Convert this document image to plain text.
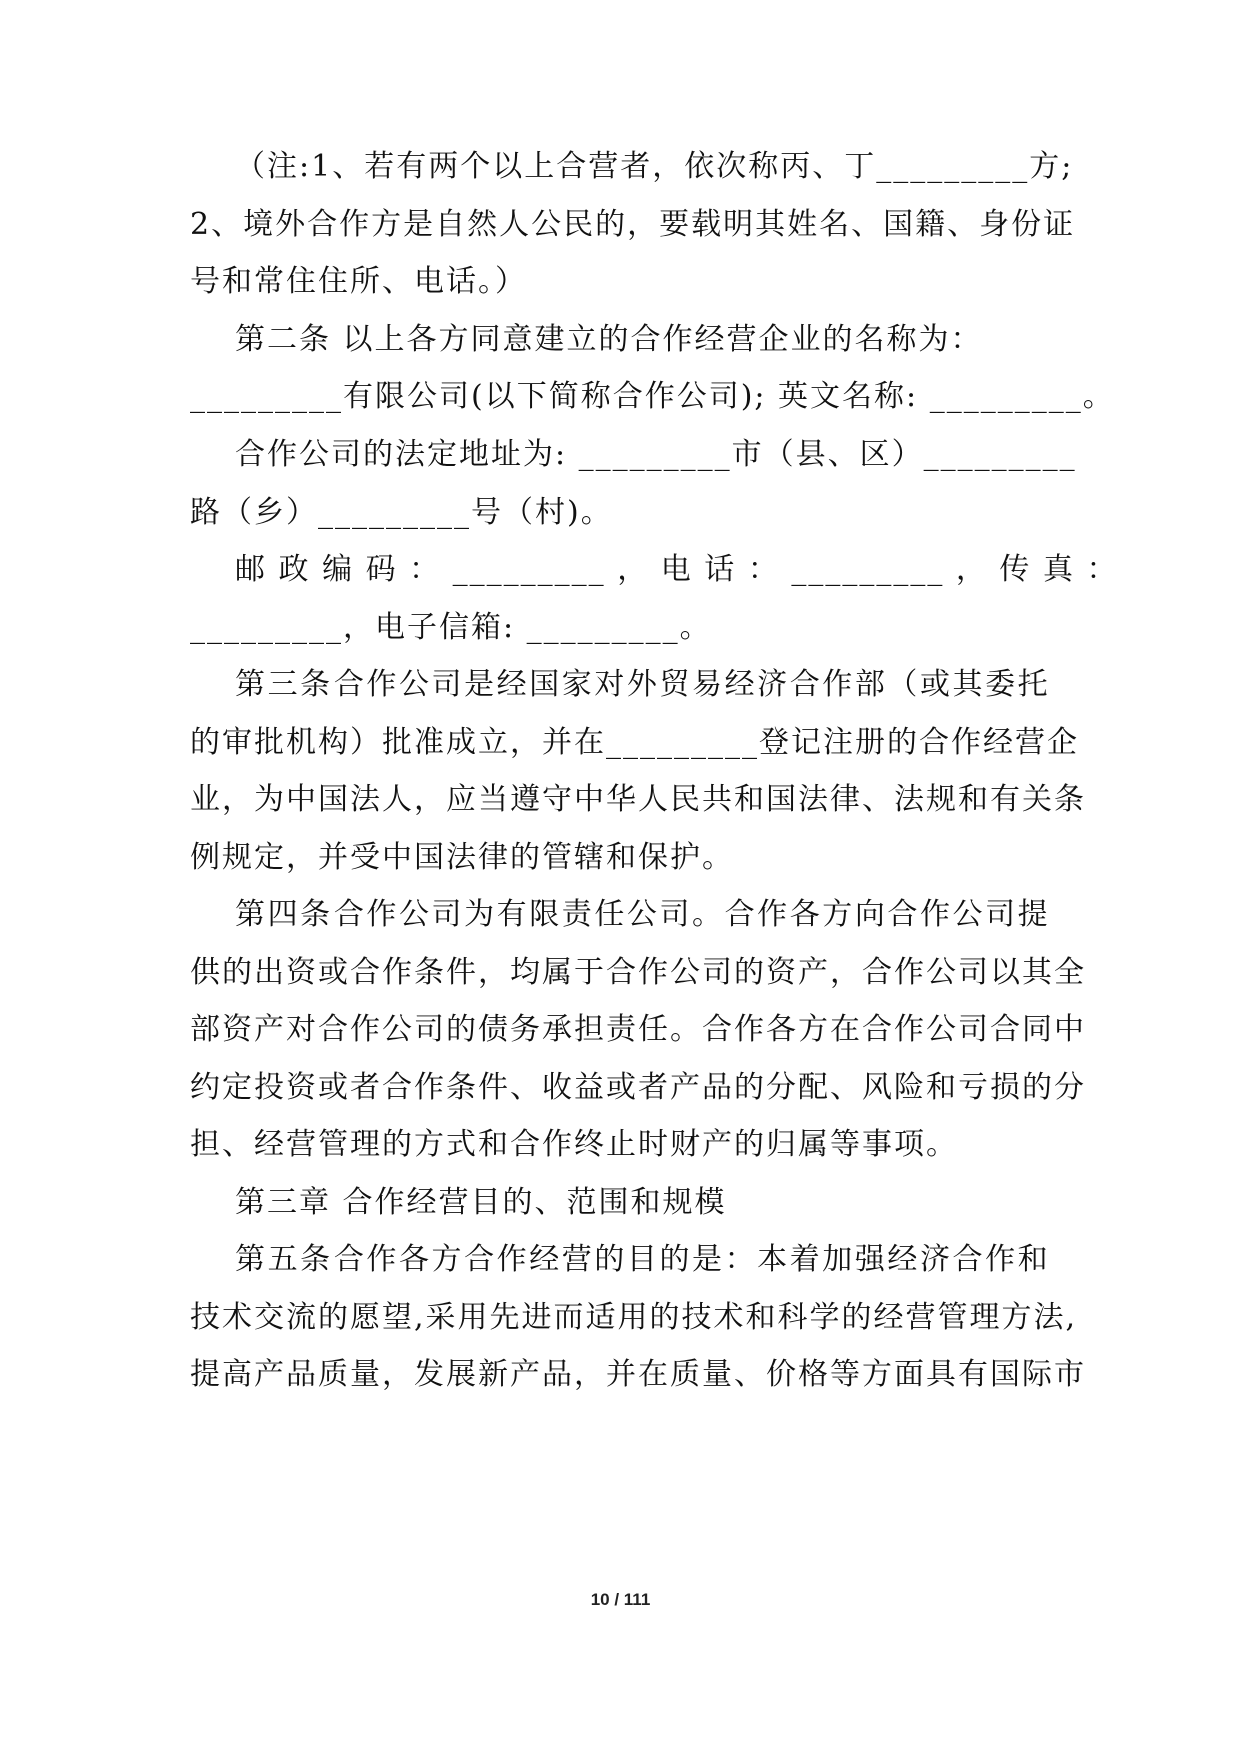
（ 注 : 1 、 若 有 两 个 以 上 合 营 者 ， 依 次 称 丙 、 丁 _ _ _ _ _ _ _ _ _ 方 ;
2 、 境 外 合 作 方 是 自 然 人 公 民 的 ， 要 载 明 其 姓 名 、 国 籍 、 身 份 证
号和常住住所、电话。）
第二条 以上各方同意建立的合作经营企业的名称为：
_________有限公司(以下简称合作公司); 英文名称: _________。
合作公司的法定地址为: _________市（县、区）_________
路（乡）_________号（村)。
邮 政 编 码 ： _________ ， 电 话 ： _________ ， 传 真 ：
_________，电子信箱: _________。
第 三 条 合 作 公 司 是 经 国 家 对 外 贸 易 经 济 合 作 部 （ 或 其 委 托
的 审 批 机 构 ） 批 准 成 立 ， 并 在 _ _ _ _ _ _ _ _ _ 登 记 注 册 的 合 作 经 营 企
业 ， 为 中 国 法 人 ， 应 当 遵 守 中 华 人 民 共 和 国 法 律 、 法 规 和 有 关 条
例规定，并受中国法律的管辖和保护。
第 四 条 合 作 公 司 为 有 限 责 任 公 司 。 合 作 各 方 向 合 作 公 司 提
供 的 出 资 或 合 作 条 件 ， 均 属 于 合 作 公 司 的 资 产 ， 合 作 公 司 以 其 全
部 资 产 对 合 作 公 司 的 债 务 承 担 责 任 。 合 作 各 方 在 合 作 公 司 合 同 中
约 定 投 资 或 者 合 作 条 件 、 收 益 或 者 产 品 的 分 配 、 风 险 和 亏 损 的 分
担、经营管理的方式和合作终止时财产的归属等事项。
第三章 合作经营目的、范围和规模
第 五 条 合 作 各 方 合 作 经 营 的 目 的 是 ： 本 着 加 强 经 济 合 作 和
技 术 交 流 的 愿 望 , 采 用 先 进 而 适 用 的 技 术 和 科 学 的 经 营 管 理 方 法 ,
提 高 产 品 质 量 ， 发 展 新 产 品 ， 并 在 质 量 、 价 格 等 方 面 具 有 国 际 市
10 / 111
